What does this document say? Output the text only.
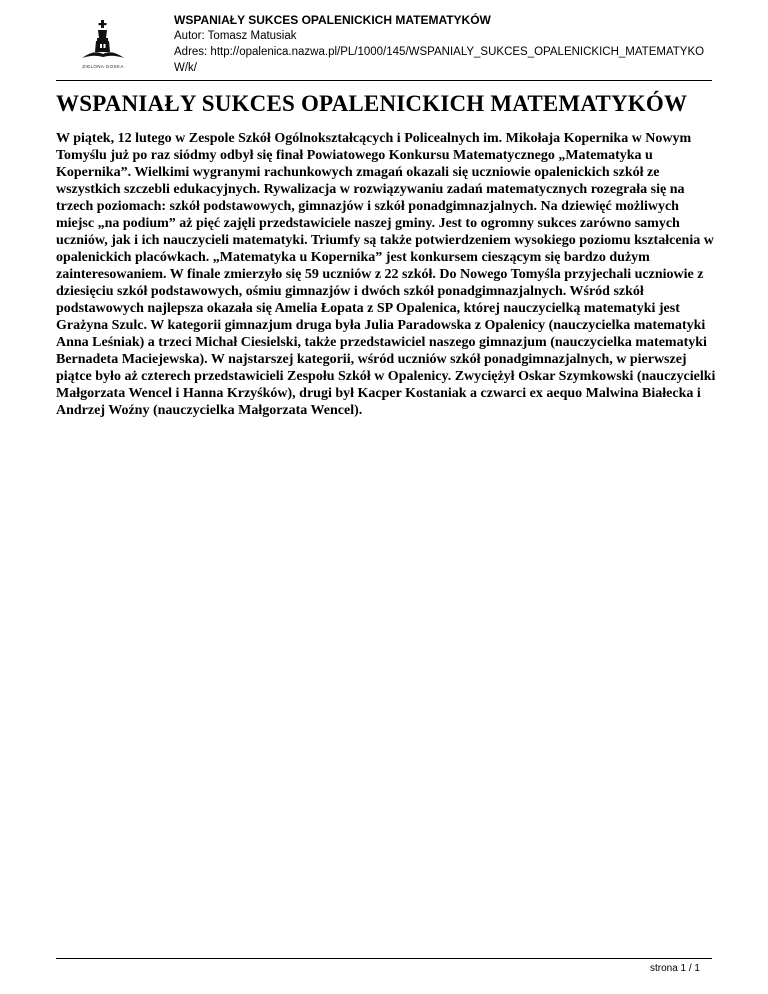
ZIELONA GOSKA
WSPANIAŁY SUKCES OPALENICKICH MATEMATYKÓW
Autor: Tomasz Matusiak
Adres: http://opalenica.nazwa.pl/PL/1000/145/WSPANIALY_SUKCES_OPALENICKICH_MATEMATYKOW/k/
WSPANIAŁY SUKCES OPALENICKICH MATEMATYKÓW

W piątek, 12 lutego w Zespole Szkół Ogólnokształcących i Policealnych im. Mikołaja Kopernika w Nowym Tomyślu już po raz siódmy odbył się finał Powiatowego Konkursu Matematycznego „Matematyka u Kopernika”. Wielkimi wygranymi rachunkowych zmagań okazali się uczniowie opalenickich szkół ze wszystkich szczebli edukacyjnych. Rywalizacja w rozwiązywaniu zadań matematycznych rozegrała się na trzech poziomach: szkół podstawowych, gimnazjów i szkół ponadgimnazjalnych. Na dziewięć możliwych miejsc „na podium” aż pięć zajęli przedstawiciele naszej gminy. Jest to ogromny sukces zarówno samych uczniów, jak i ich nauczycieli matematyki. Triumfy są także potwierdzeniem wysokiego poziomu kształcenia w opalenickich placówkach. „Matematyka u Kopernika” jest konkursem cieszącym się bardzo dużym zainteresowaniem. W finale zmierzyło się 59 uczniów z 22 szkół. Do Nowego Tomyśla przyjechali uczniowie z dziesięciu szkół podstawowych, ośmiu gimnazjów i dwóch szkół ponadgimnazjalnych. Wśród szkół podstawowych najlepsza okazała się Amelia Łopata z SP Opalenica, której nauczycielką matematyki jest Grażyna Szulc. W kategorii gimnazjum druga była Julia Paradowska z Opalenicy (nauczycielka matematyki Anna Leśniak) a trzeci Michał Ciesielski, także przedstawiciel naszego gimnazjum (nauczycielka matematyki Bernadeta Maciejewska). W najstarszej kategorii, wśród uczniów szkół ponadgimnazjalnych, w pierwszej piątce było aż czterech przedstawicieli Zespołu Szkół w Opalenicy. Zwyciężył Oskar Szymkowski (nauczycielki Małgorzata Wencel i Hanna Krzyśków), drugi był Kacper Kostaniak a czwarci ex aequo Malwina Białecka i Andrzej Woźny (nauczycielka Małgorzata Wencel).

strona 1 / 1
